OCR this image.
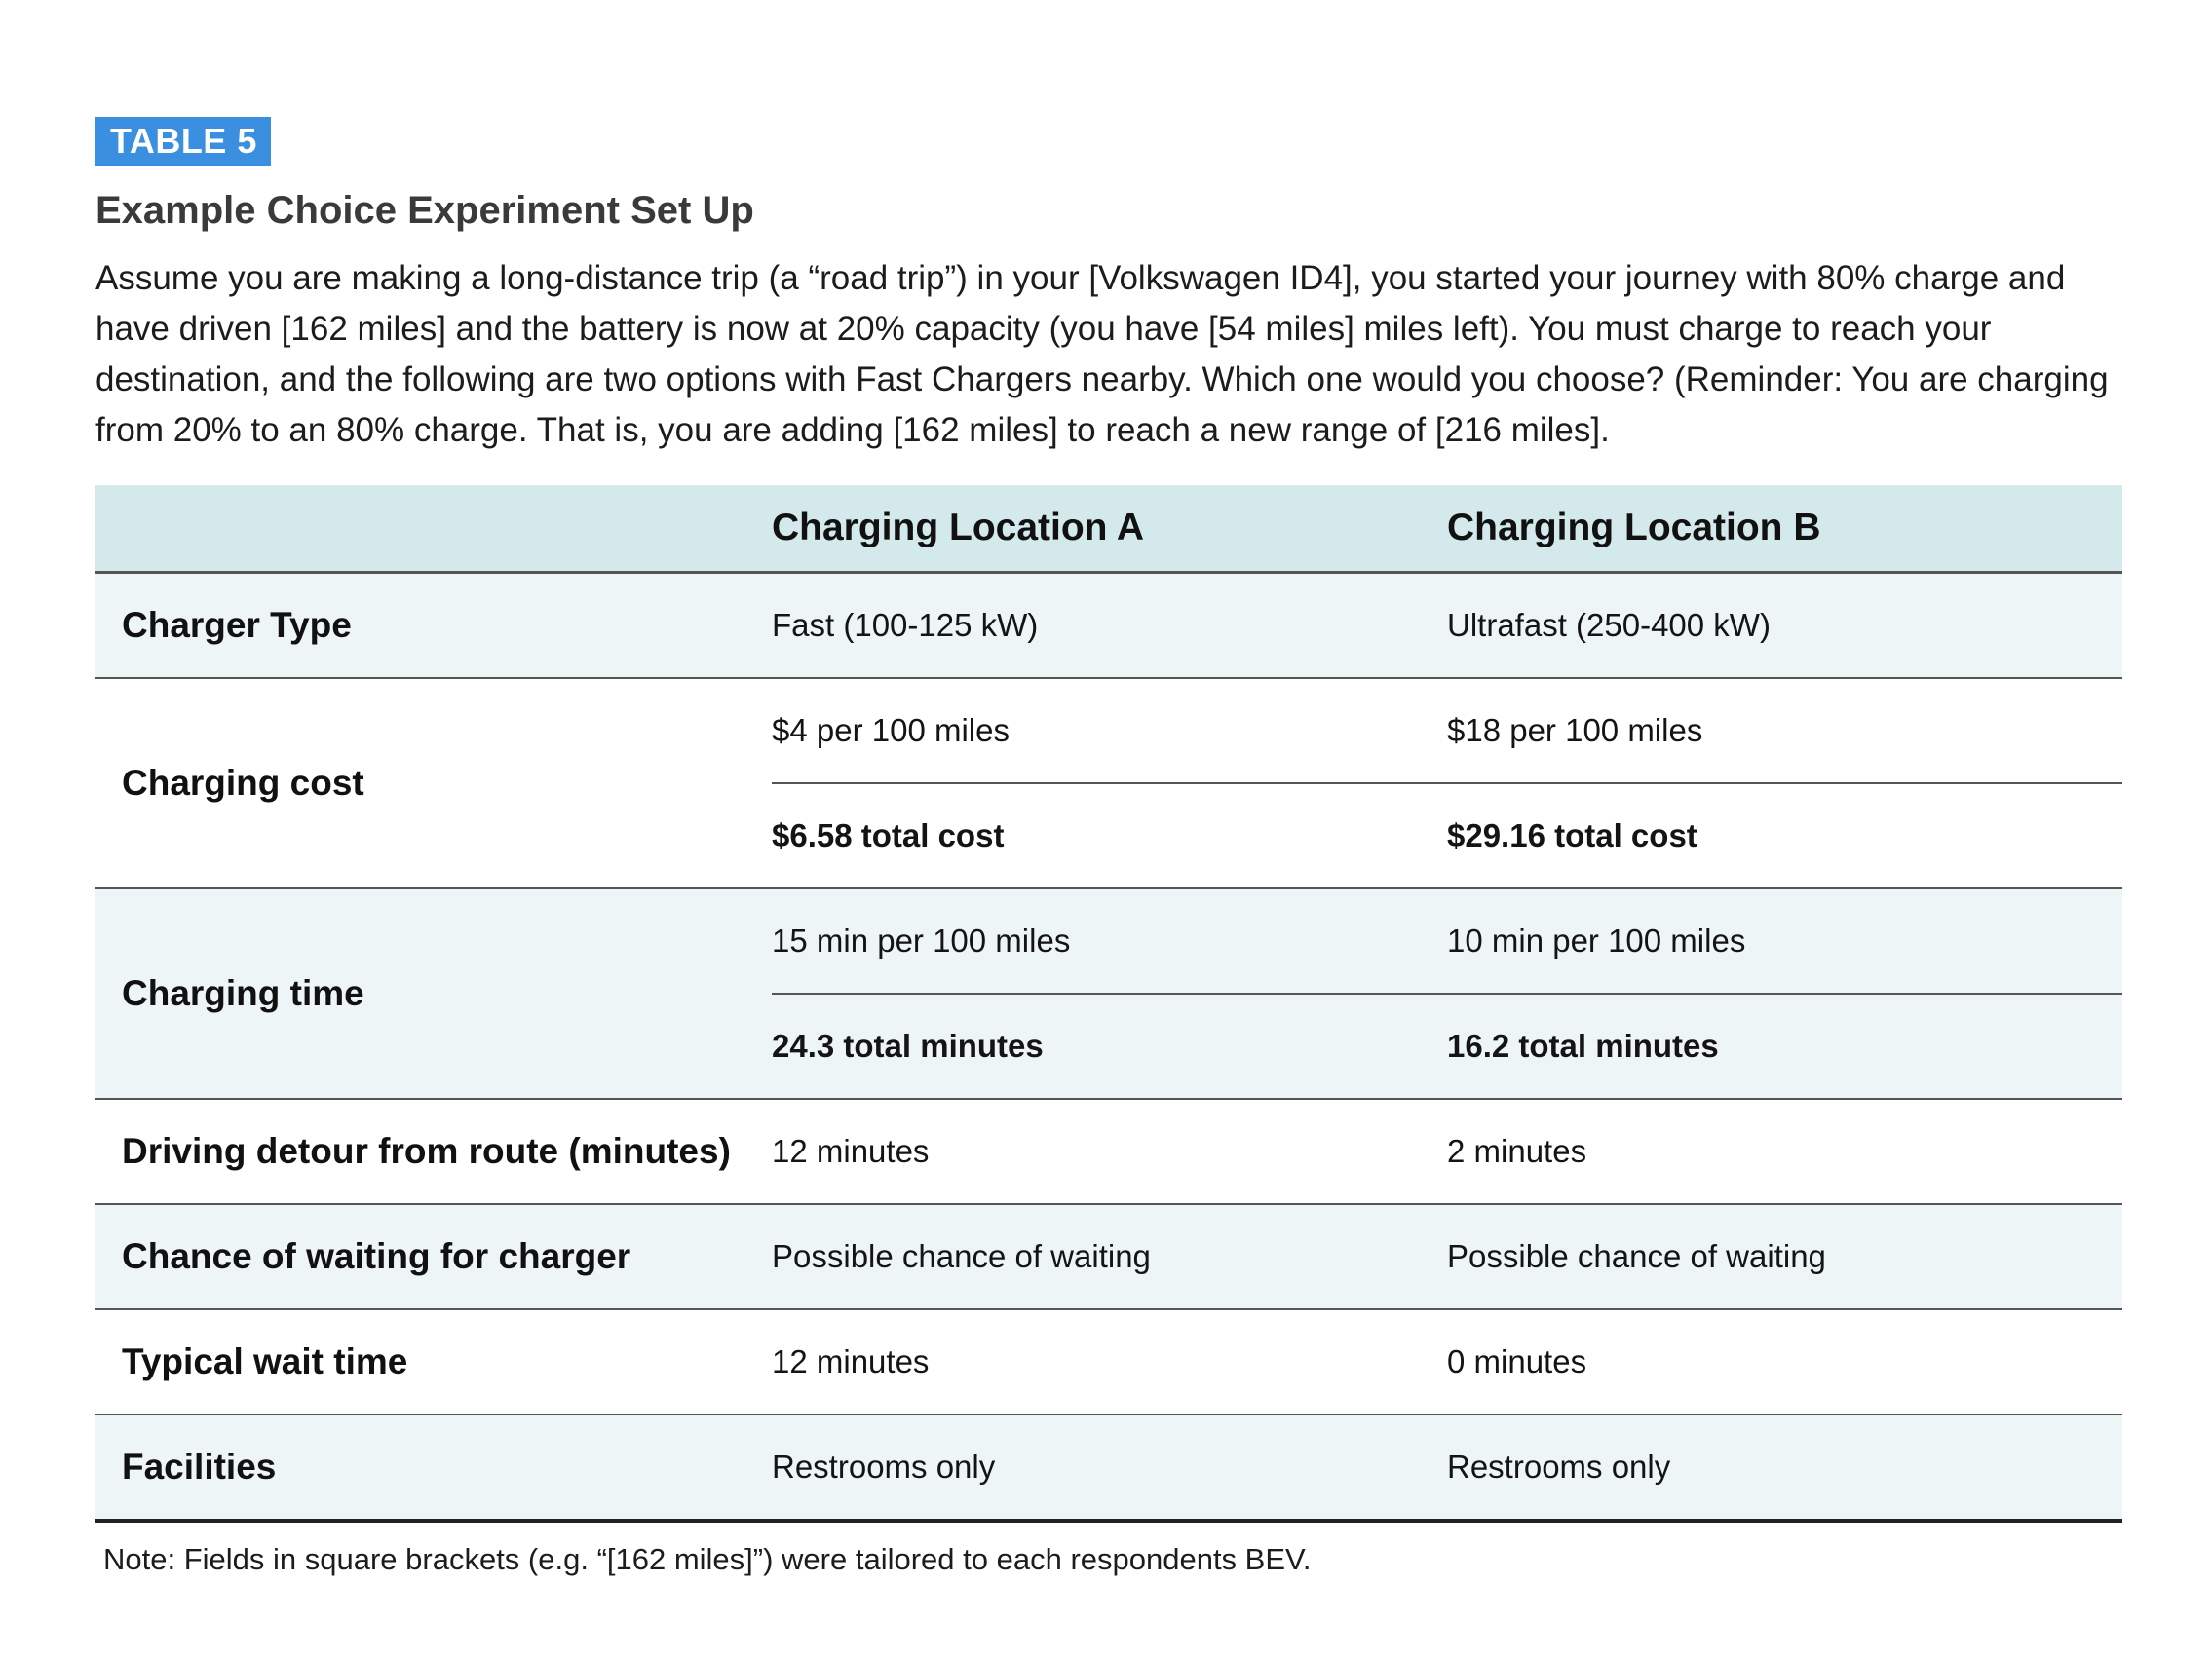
TABLE 5
Example Choice Experiment Set Up
Assume you are making a long-distance trip (a “road trip”) in your [Volkswagen ID4], you started your journey with 80% charge and have driven [162 miles] and the battery is now at 20% capacity (you have [54 miles] miles left). You must charge to reach your destination, and the following are two options with Fast Chargers nearby. Which one would you choose? (Reminder: You are charging from 20% to an 80% charge. That is, you are adding [162 miles] to reach a new range of [216 miles].
	Charging Location A	Charging Location B
Charger Type	Fast (100-125 kW)	Ultrafast (250-400 kW)
Charging cost	$4 per 100 miles	$18 per 100 miles
	$6.58 total cost	$29.16 total cost
Charging time	15 min per 100 miles	10 min per 100 miles
	24.3 total minutes	16.2 total minutes
Driving detour from route (minutes)	12 minutes	2 minutes
Chance of waiting for charger	Possible chance of waiting	Possible chance of waiting
Typical wait time	12 minutes	0 minutes
Facilities	Restrooms only	Restrooms only
Note: Fields in square brackets (e.g. “[162 miles]”) were tailored to each respondents BEV.
